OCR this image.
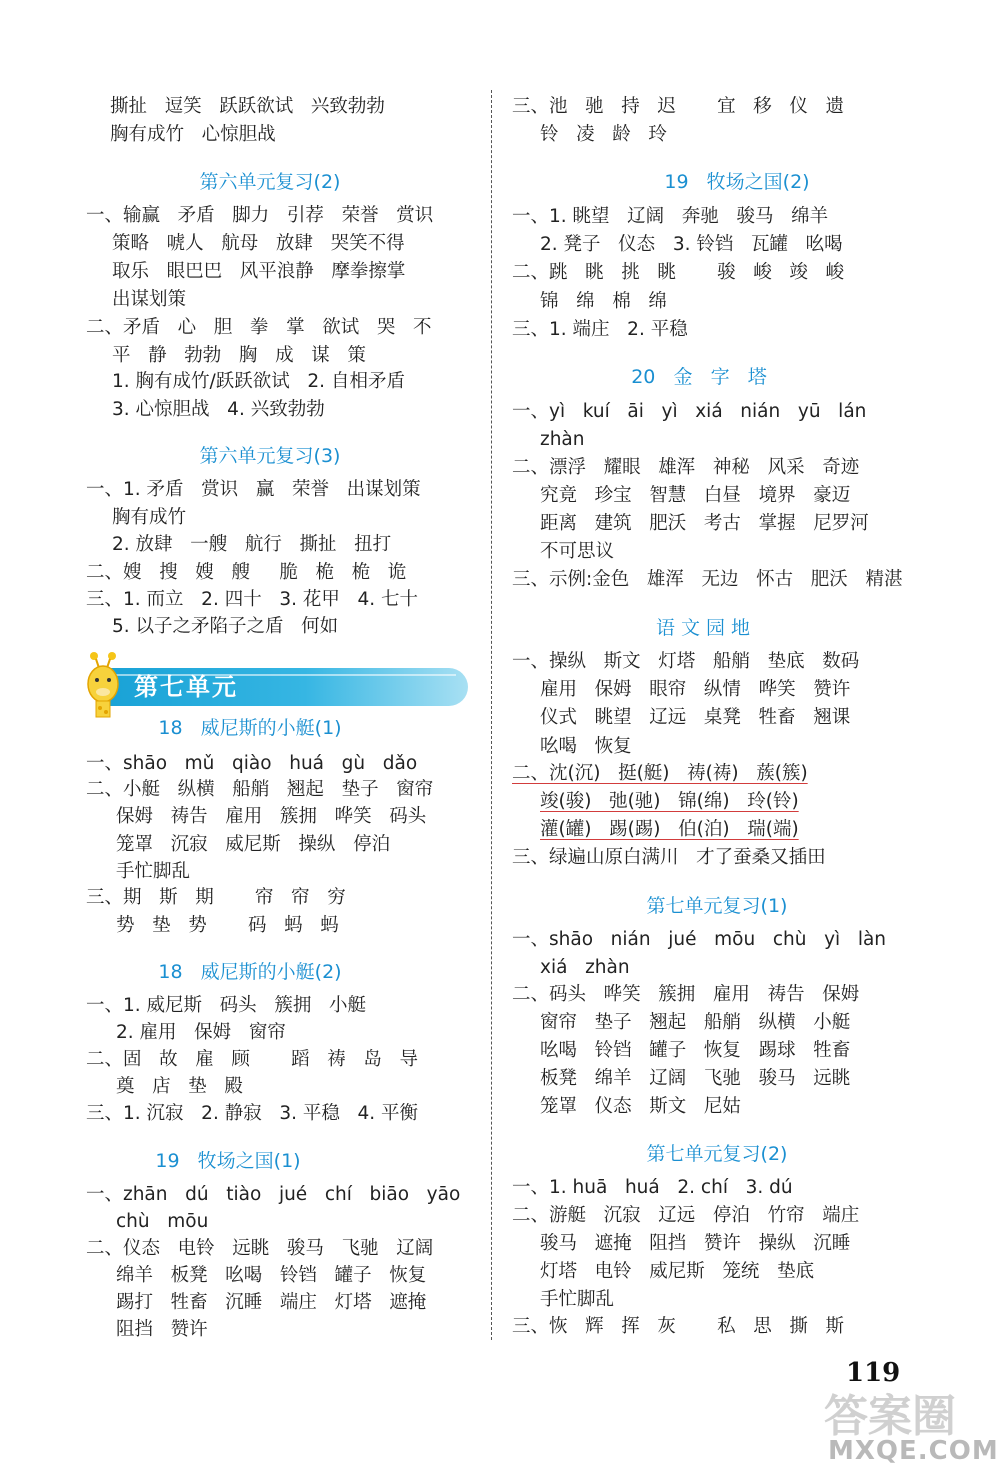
撕扯   逗笑   跃跃欲试   兴致勃勃
胸有成竹   心惊胆战
第六单元复习(2)
一、输赢   矛盾   脚力   引荐   荣誉   赏识
策略   唬人   航母   放肆   哭笑不得
取乐   眼巴巴   风平浪静   摩拳擦掌
出谋划策
二、矛盾   心   胆   拳   掌   欲试   哭   不
平   静   勃勃   胸   成   谋   策
1. 胸有成竹/跃跃欲试   2. 自相矛盾
3. 心惊胆战   4. 兴致勃勃
第六单元复习(3)
一、1. 矛盾   赏识   赢   荣誉   出谋划策
胸有成竹
2. 放肆   一艘   航行   撕扯   扭打
二、嫂   搜   嫂   艘     脆   桅   桅   诡
三、1. 而立   2. 四十   3. 花甲   4. 七十
5. 以子之矛陷子之盾   何如
第七单元
18   威尼斯的小艇(1)
一、shāo   mǔ   qiào   huá   gù   dǎo
二、小艇   纵横   船艄   翘起   垫子   窗帘
保姆   祷告   雇用   簇拥   哗笑   码头
笼罩   沉寂   威尼斯   操纵   停泊
手忙脚乱
三、期   斯   期       帘   帘   穷
势   垫   势       码   蚂   蚂
18   威尼斯的小艇(2)
一、1. 威尼斯   码头   簇拥   小艇
2. 雇用   保姆   窗帘
二、固   故   雇   顾       蹈   祷   岛   导
奠   店   垫   殿
三、1. 沉寂   2. 静寂   3. 平稳   4. 平衡
19   牧场之国(1)
一、zhān   dú   tiào   jué   chí   biāo   yāo
chù   mōu
二、仪态   电铃   远眺   骏马   飞驰   辽阔
绵羊   板凳   吆喝   铃铛   罐子   恢复
踢打   牲畜   沉睡   端庄   灯塔   遮掩
阻挡   赞许
三、池   驰   持   迟       宜   移   仪   遗
铃   凌   龄   玲
19   牧场之国(2)
一、1. 眺望   辽阔   奔驰   骏马   绵羊
2. 凳子   仪态   3. 铃铛   瓦罐   吆喝
二、跳   眺   挑   眺       骏   峻   竣   峻
锦   绵   棉   绵
三、1. 端庄   2. 平稳
20   金   字   塔
一、yì   kuí   āi   yì   xiá   nián   yū   lán
zhàn
二、漂浮   耀眼   雄浑   神秘   风采   奇迹
究竟   珍宝   智慧   白昼   境界   豪迈
距离   建筑   肥沃   考古   掌握   尼罗河
不可思议
三、示例:金色   雄浑   无边   怀古   肥沃   精湛
语 文 园 地
一、操纵   斯文   灯塔   船艄   垫底   数码
雇用   保姆   眼帘   纵情   哗笑   赞许
仪式   眺望   辽远   桌凳   牲畜   翘课
吆喝   恢复
二、沈(沉)   挺(艇)   祷(祷)   蔟(簇)
竣(骏)   弛(驰)   锦(绵)   玲(铃)
灌(罐)   踢(踢)   伯(泊)   瑞(端)
三、绿遍山原白满川   才了蚕桑又插田
第七单元复习(1)
一、shāo   nián   jué   mōu   chù   yì   làn
xiá   zhàn
二、码头   哗笑   簇拥   雇用   祷告   保姆
窗帘   垫子   翘起   船艄   纵横   小艇
吆喝   铃铛   罐子   恢复   踢球   牲畜
板凳   绵羊   辽阔   飞驰   骏马   远眺
笼罩   仪态   斯文   尼姑
第七单元复习(2)
一、1. huā   huá   2. chí   3. dú
二、游艇   沉寂   辽远   停泊   竹帘   端庄
骏马   遮掩   阻挡   赞许   操纵   沉睡
灯塔   电铃   威尼斯   笼统   垫底
手忙脚乱
三、恢   辉   挥   灰       私   思   撕   斯
119
答案圈
MXQE.COM
